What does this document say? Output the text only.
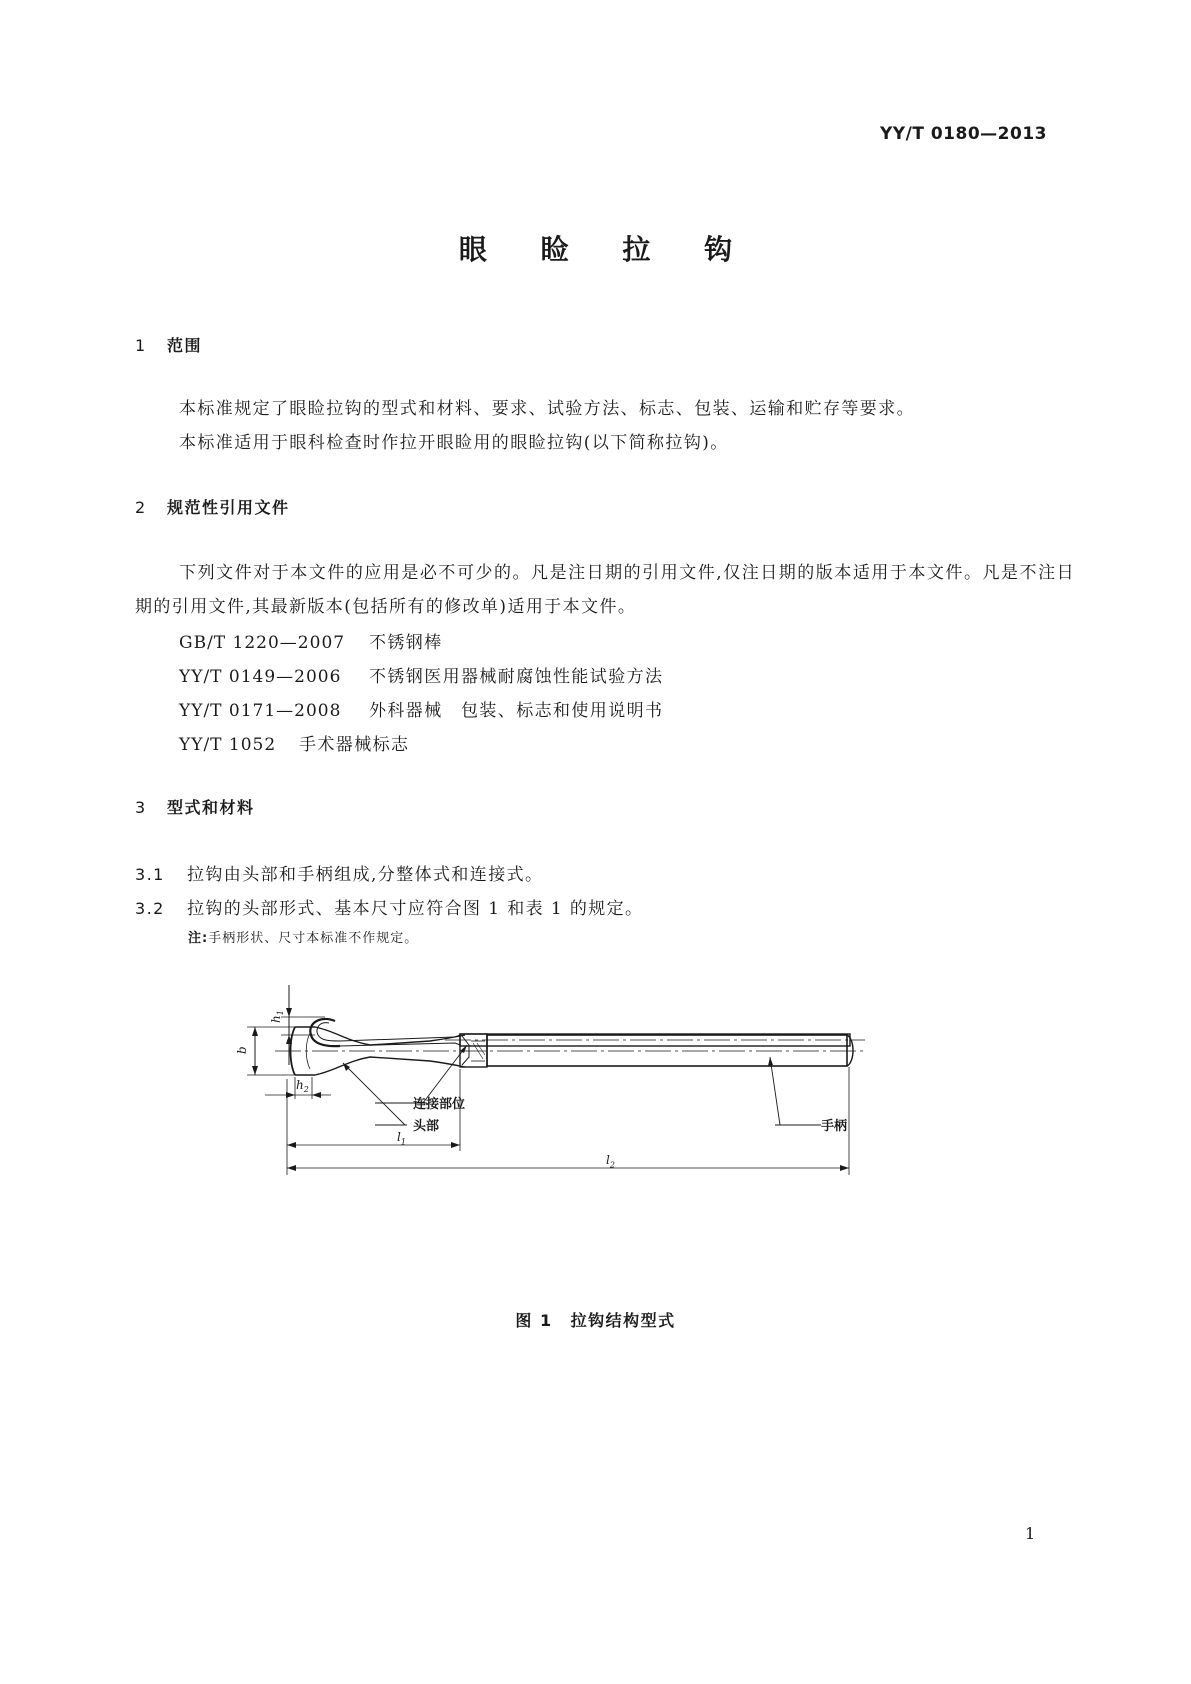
YY/T 0180—2013
眼 睑 拉 钩
1 范围
本标准规定了眼睑拉钩的型式和材料、要求、试验方法、标志、包装、运输和贮存等要求。
本标准适用于眼科检查时作拉开眼睑用的眼睑拉钩(以下简称拉钩)。
2 规范性引用文件
下列文件对于本文件的应用是必不可少的。凡是注日期的引用文件,仅注日期的版本适用于本文件。凡是不注日期的引用文件,其最新版本(包括所有的修改单)适用于本文件。
GB/T 1220—2007 不锈钢棒
YY/T 0149—2006 不锈钢医用器械耐腐蚀性能试验方法
YY/T 0171—2008 外科器械　包装、标志和使用说明书
YY/T 1052 手术器械标志
3 型式和材料
3.1 拉钩由头部和手柄组成,分整体式和连接式。
3.2 拉钩的头部形式、基本尺寸应符合图 1 和表 1 的规定。
注:手柄形状、尺寸本标准不作规定。
$h_1$
b
$h_2$
连接部位
头部	手柄
$l_1$
$l_2$
图 1 拉钩结构型式
1
